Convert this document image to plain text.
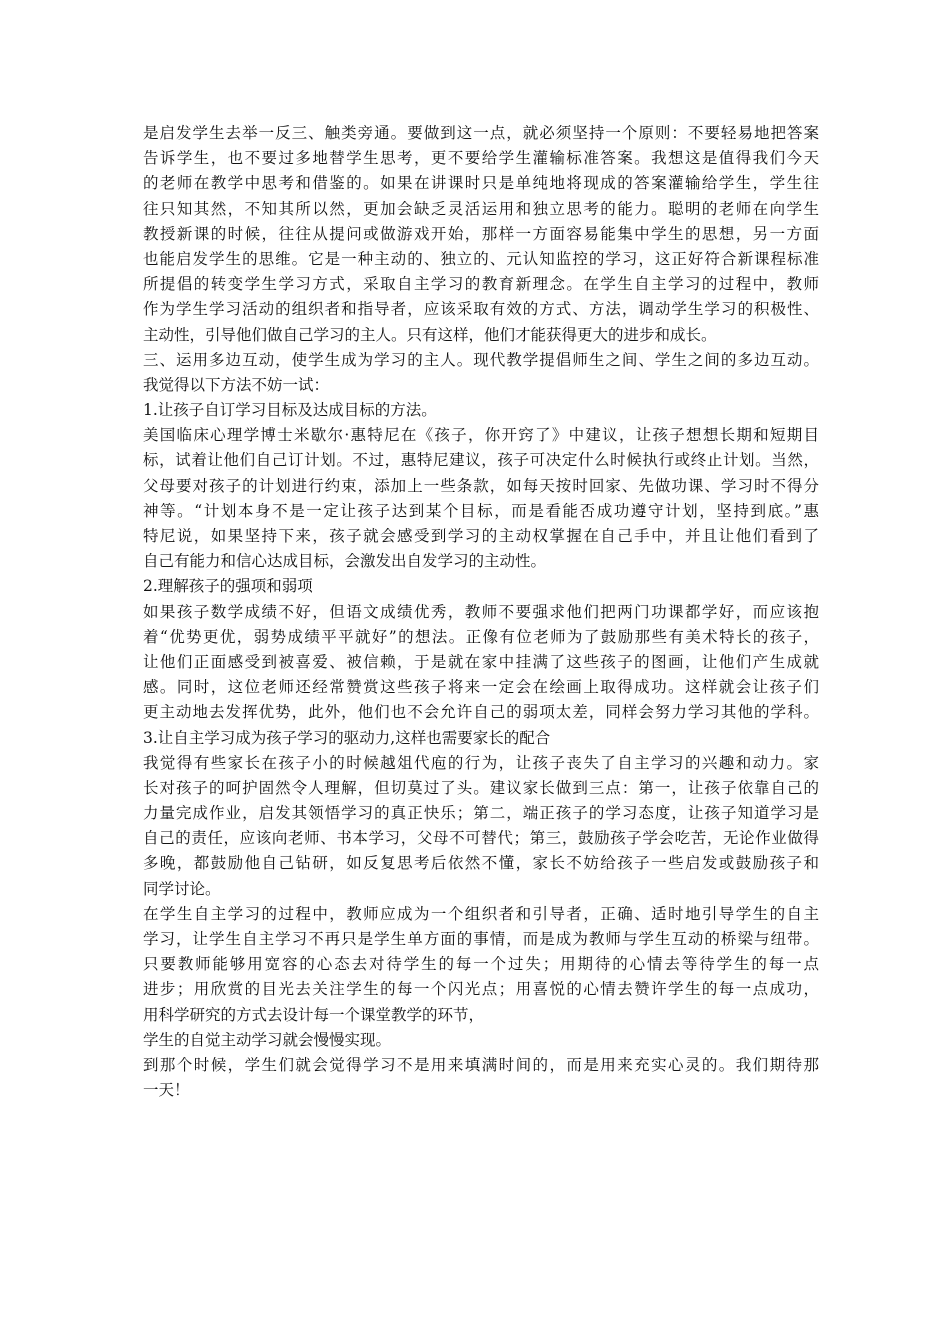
是启发学生去举一反三、触类旁通。要做到这一点，就必须坚持一个原则：不要轻易地把答案
告诉学生，也不要过多地替学生思考，更不要给学生灌输标准答案。我想这是值得我们今天
的老师在教学中思考和借鉴的。如果在讲课时只是单纯地将现成的答案灌输给学生，学生往
往只知其然，不知其所以然，更加会缺乏灵活运用和独立思考的能力。聪明的老师在向学生
教授新课的时候，往往从提问或做游戏开始，那样一方面容易能集中学生的思想，另一方面
也能启发学生的思维。它是一种主动的、独立的、元认知监控的学习，这正好符合新课程标准
所提倡的转变学生学习方式，采取自主学习的教育新理念。在学生自主学习的过程中，教师
作为学生学习活动的组织者和指导者，应该采取有效的方式、方法，调动学生学习的积极性、
主动性，引导他们做自己学习的主人。只有这样，他们才能获得更大的进步和成长。
三、运用多边互动，使学生成为学习的主人。现代教学提倡师生之间、学生之间的多边互动。
我觉得以下方法不妨一试：
1.让孩子自订学习目标及达成目标的方法。
美国临床心理学博士米歇尔·惠特尼在《孩子，你开窍了》中建议，让孩子想想长期和短期目
标，试着让他们自己订计划。不过，惠特尼建议，孩子可决定什么时候执行或终止计划。当然，
父母要对孩子的计划进行约束，添加上一些条款，如每天按时回家、先做功课、学习时不得分
神等。“计划本身不是一定让孩子达到某个目标，而是看能否成功遵守计划，坚持到底。”惠
特尼说，如果坚持下来，孩子就会感受到学习的主动权掌握在自己手中，并且让他们看到了
自己有能力和信心达成目标，会激发出自发学习的主动性。
2.理解孩子的强项和弱项
如果孩子数学成绩不好，但语文成绩优秀，教师不要强求他们把两门功课都学好，而应该抱
着“优势更优，弱势成绩平平就好”的想法。正像有位老师为了鼓励那些有美术特长的孩子，
让他们正面感受到被喜爱、被信赖，于是就在家中挂满了这些孩子的图画，让他们产生成就
感。同时，这位老师还经常赞赏这些孩子将来一定会在绘画上取得成功。这样就会让孩子们
更主动地去发挥优势，此外，他们也不会允许自己的弱项太差，同样会努力学习其他的学科。
3.让自主学习成为孩子学习的驱动力,这样也需要家长的配合
我觉得有些家长在孩子小的时候越俎代庖的行为，让孩子丧失了自主学习的兴趣和动力。家
长对孩子的呵护固然令人理解，但切莫过了头。建议家长做到三点：第一，让孩子依靠自己的
力量完成作业，启发其领悟学习的真正快乐；第二，端正孩子的学习态度，让孩子知道学习是
自己的责任，应该向老师、书本学习，父母不可替代；第三，鼓励孩子学会吃苦，无论作业做得
多晚，都鼓励他自己钻研，如反复思考后依然不懂，家长不妨给孩子一些启发或鼓励孩子和
同学讨论。
在学生自主学习的过程中，教师应成为一个组织者和引导者，正确、适时地引导学生的自主
学习，让学生自主学习不再只是学生单方面的事情，而是成为教师与学生互动的桥梁与纽带。
只要教师能够用宽容的心态去对待学生的每一个过失；用期待的心情去等待学生的每一点
进步；用欣赏的目光去关注学生的每一个闪光点；用喜悦的心情去赞许学生的每一点成功，
用科学研究的方式去设计每一个课堂教学的环节，
学生的自觉主动学习就会慢慢实现。
到那个时候，学生们就会觉得学习不是用来填满时间的，而是用来充实心灵的。我们期待那
一天！
